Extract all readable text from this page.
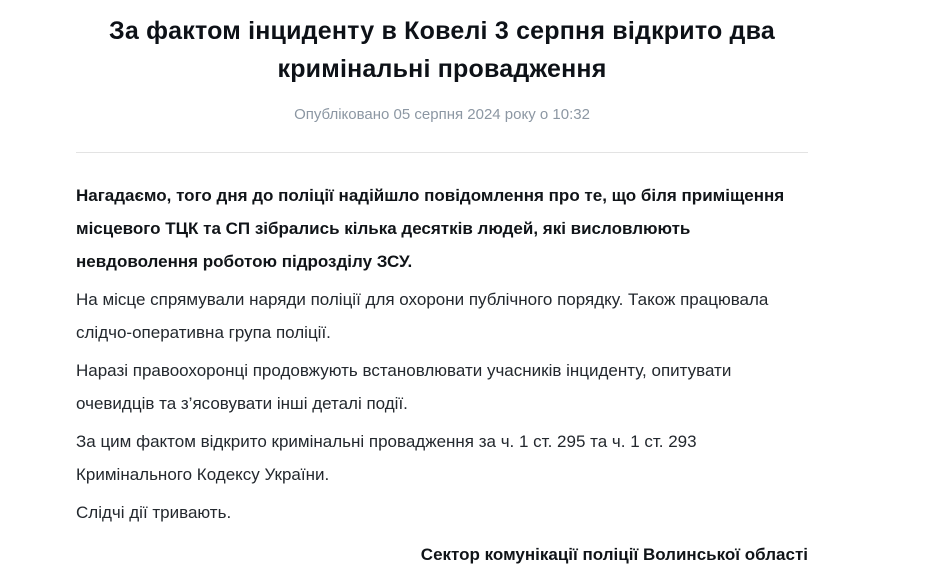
За фактом інциденту в Ковелі 3 серпня відкрито два кримінальні провадження
Опубліковано 05 серпня 2024 року о 10:32

Нагадаємо, того дня до поліції надійшло повідомлення про те, що біля приміщення місцевого ТЦК та СП зібрались кілька десятків людей, які висловлюють невдоволення роботою підрозділу ЗСУ.

На місце спрямували наряди поліції для охорони публічного порядку. Також працювала слідчо-оперативна група поліції.

Наразі правоохоронці продовжують встановлювати учасників інциденту, опитувати очевидців та з’ясовувати інші деталі події.

За цим фактом відкрито кримінальні провадження за ч. 1 ст. 295 та ч. 1 ст. 293 Кримінального Кодексу України.

Слідчі дії тривають.

Сектор комунікації поліції Волинської області
